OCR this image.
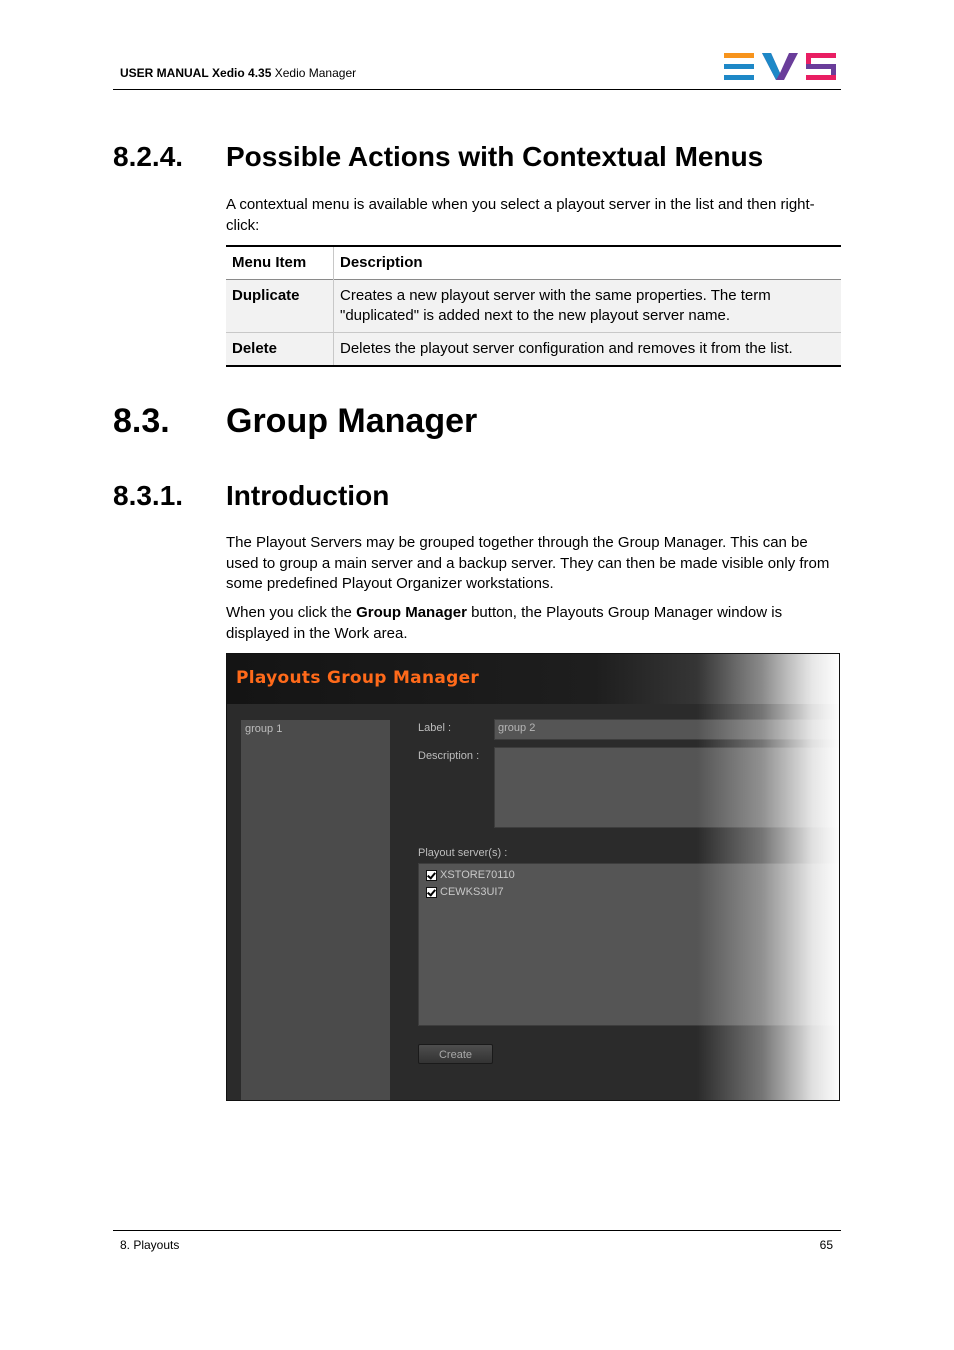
USER MANUAL Xedio 4.35 Xedio Manager
8.2.4. Possible Actions with Contextual Menus
A contextual menu is available when you select a playout server in the list and then right-click:
Menu Item	Description
Duplicate	Creates a new playout server with the same properties. The term "duplicated" is added next to the new playout server name.
Delete	Deletes the playout server configuration and removes it from the list.
8.3. Group Manager
8.3.1. Introduction
The Playout Servers may be grouped together through the Group Manager. This can be used to group a main server and a backup server. They can then be made visible only from some predefined Playout Organizer workstations.
When you click the Group Manager button, the Playouts Group Manager window is displayed in the Work area.
Playouts Group Manager
group 1	Label :	group 2
Description :
Playout server(s) :
XSTORE70110
CEWKS3UI7
Create
8. Playouts	65
